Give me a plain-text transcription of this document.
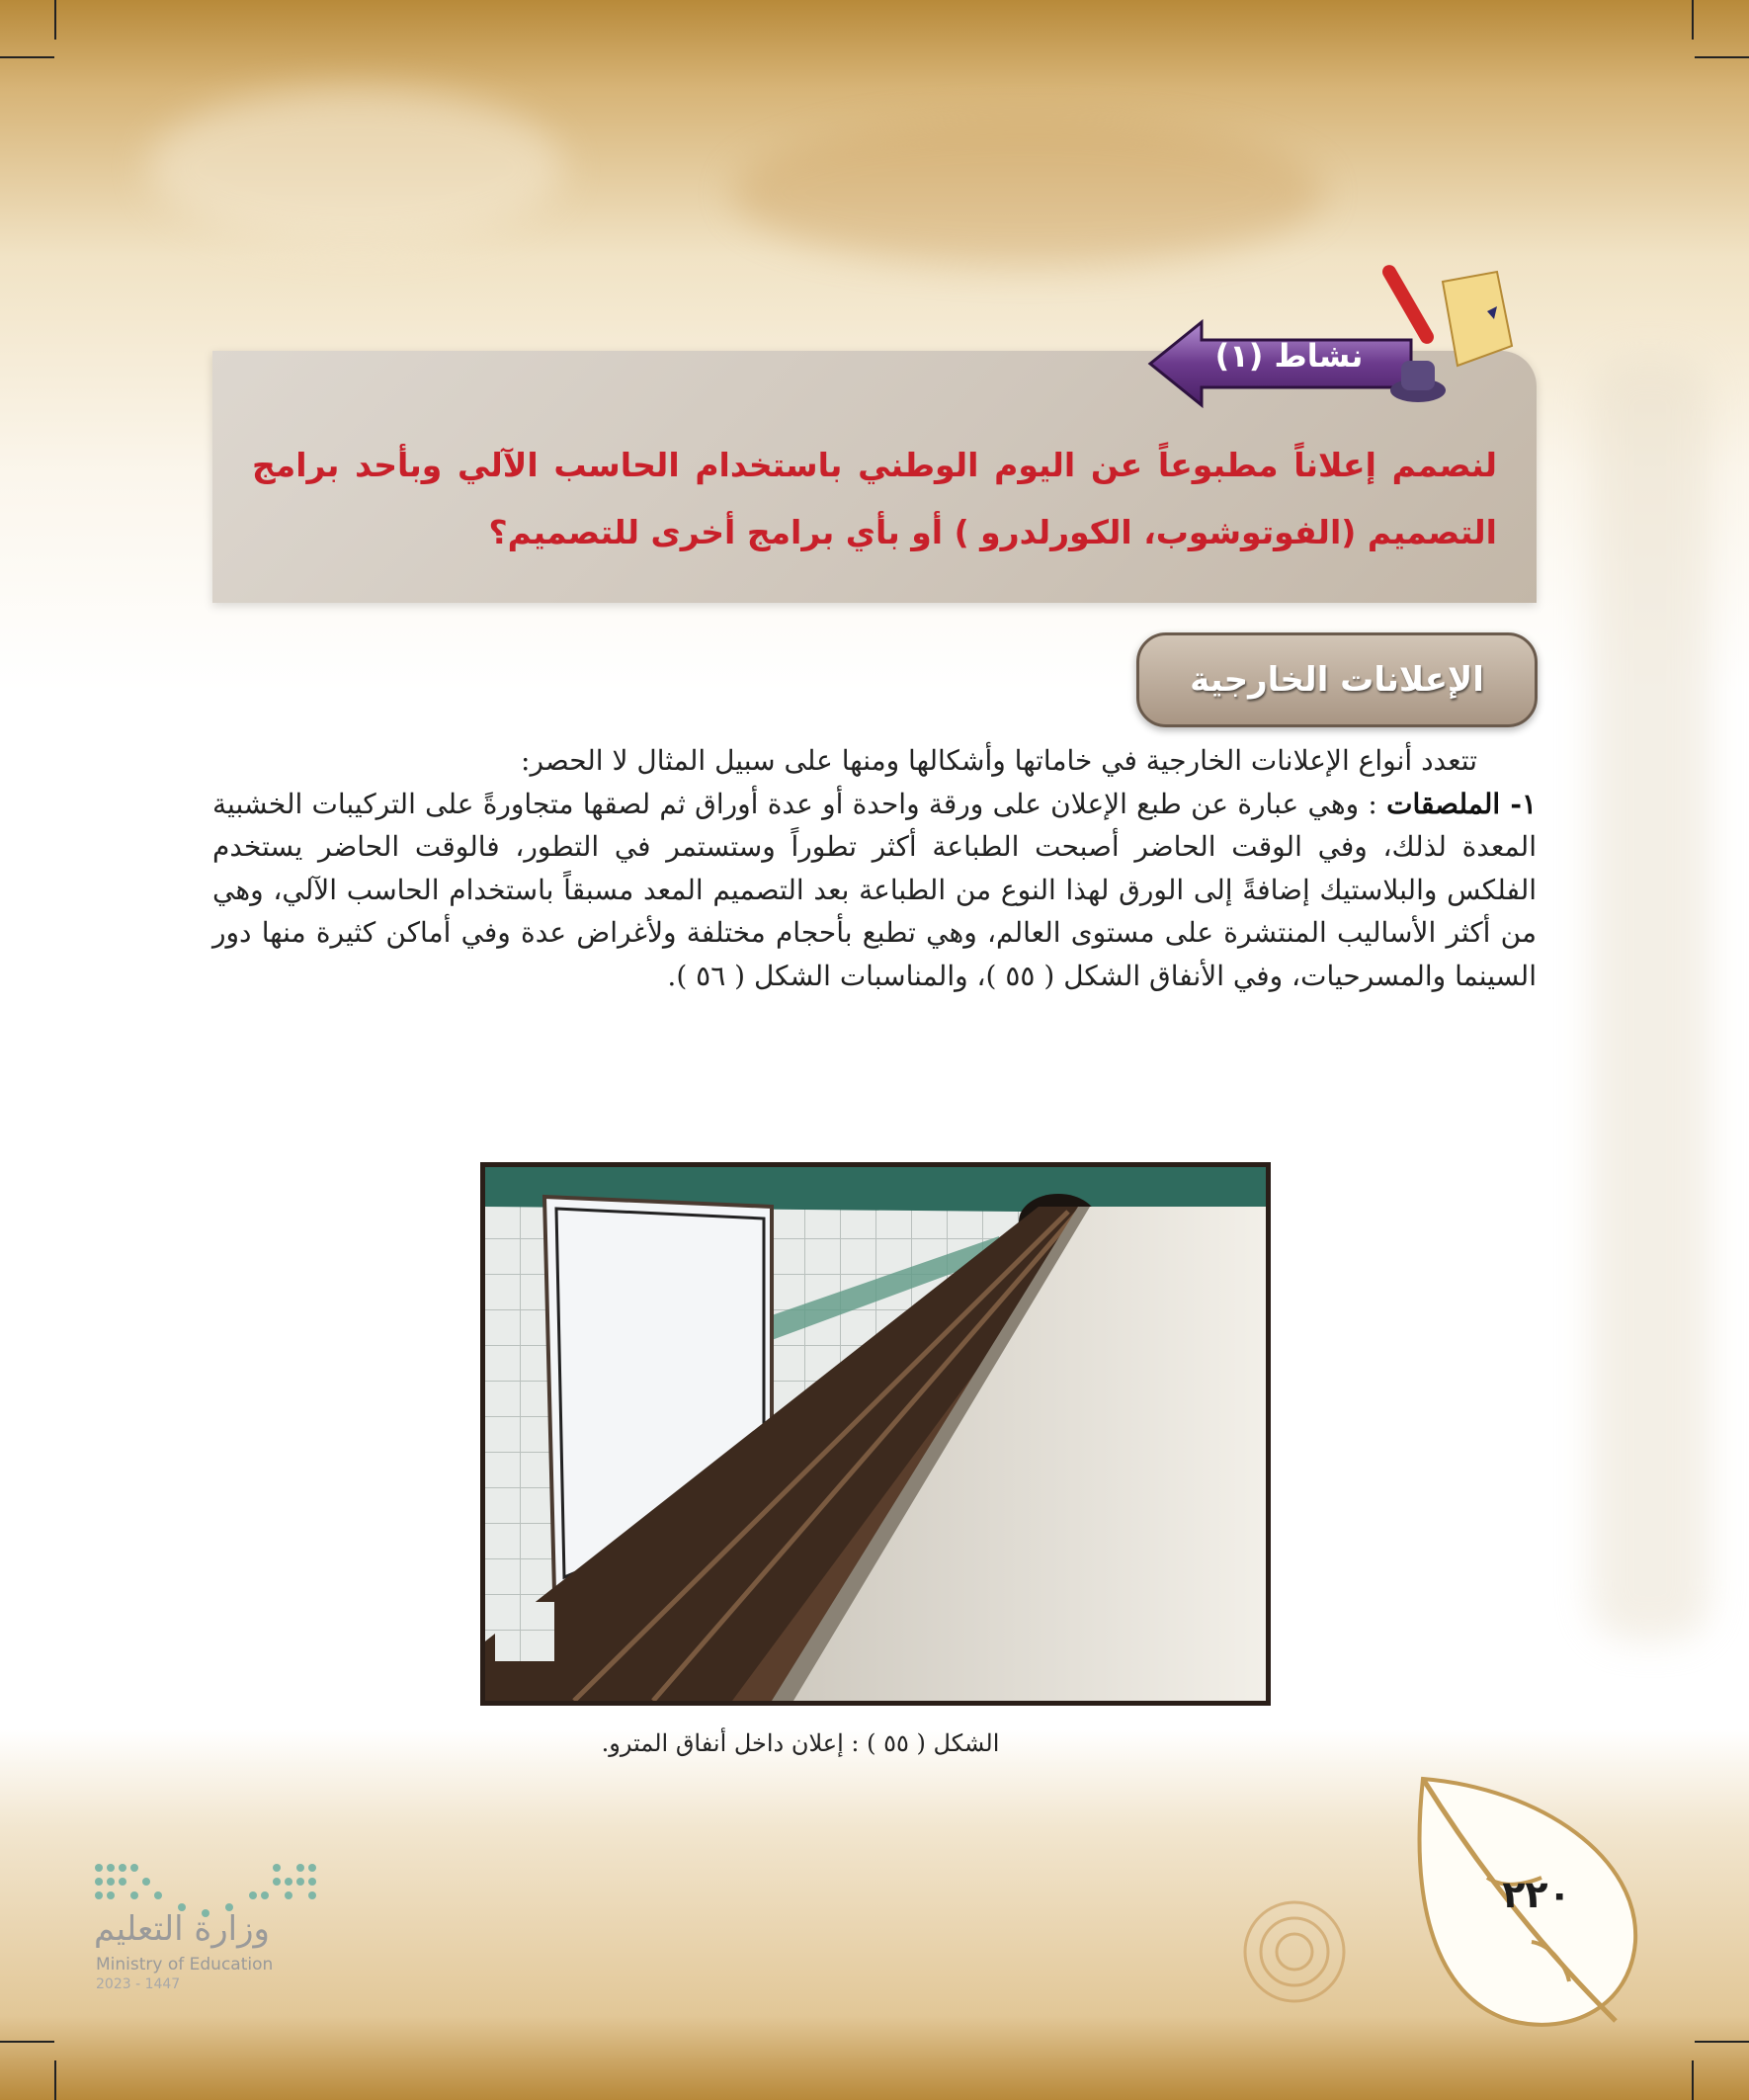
لنصمم إعلاناً مطبوعاً عن اليوم الوطني باستخدام الحاسب الآلي وبأحد برامج التصميم (الفوتوشوب، الكورلدرو ) أو بأي برامج أخرى للتصميم؟
نشاط (١)
الإعلانات الخارجية
تتعدد أنواع الإعلانات الخارجية في خاماتها وأشكالها ومنها على سبيل المثال لا الحصر:
١- الملصقات : وهي عبارة عن طبع الإعلان على ورقة واحدة أو عدة أوراق ثم لصقها متجاورةً على التركيبات الخشبية المعدة لذلك، وفي الوقت الحاضر أصبحت الطباعة أكثر تطوراً وستستمر في التطور، فالوقت الحاضر يستخدم الفلكس والبلاستيك إضافةً إلى الورق لهذا النوع من الطباعة بعد التصميم المعد مسبقاً باستخدام الحاسب الآلي، وهي من أكثر الأساليب المنتشرة على مستوى العالم، وهي تطبع بأحجام مختلفة ولأغراض عدة وفي أماكن كثيرة منها دور السينما والمسرحيات، وفي الأنفاق الشكل ( ٥٥ )، والمناسبات الشكل ( ٥٦ ).
الشكل ( ٥٥ ) : إعلان داخل أنفاق المترو.
٢٢٠
وزارة التعليم
Ministry of Education
2023 - 1447
